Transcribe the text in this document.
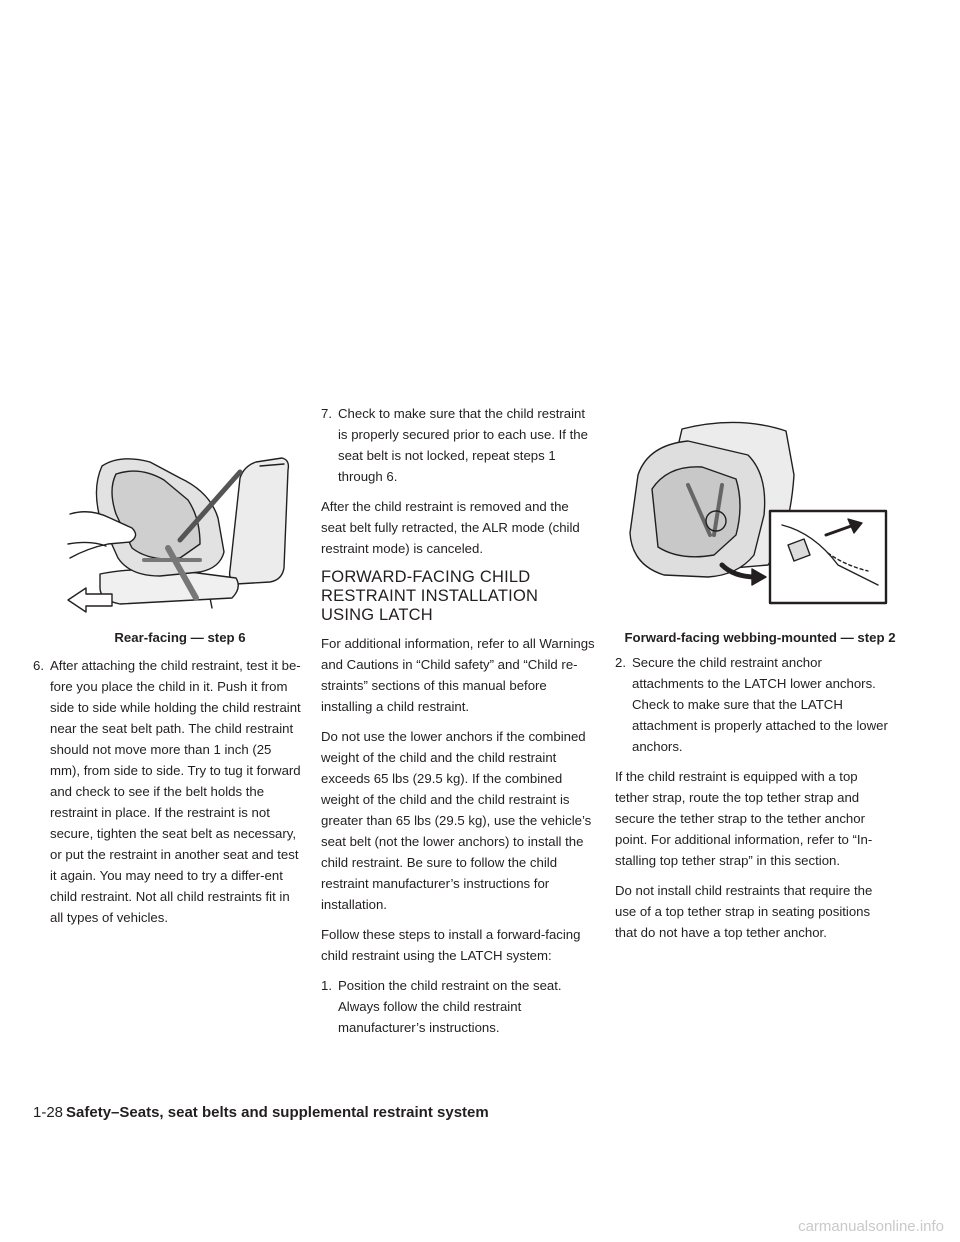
Rear-facing — step 6	Forward-facing webbing-mounted — step 2
6. After attaching the child restraint, test it be-fore you place the child in it. Push it from side to side while holding the child restraint near the seat belt path. The child restraint should not move more than 1 inch (25 mm), from side to side. Try to tug it forward and check to see if the belt holds the restraint in place. If the restraint is not secure, tighten the seat belt as necessary, or put the restraint in another seat and test it again. You may need to try a differ-ent child restraint. Not all child restraints fit in all types of vehicles.
7. Check to make sure that the child restraint is properly secured prior to each use. If the seat belt is not locked, repeat steps 1 through 6.

After the child restraint is removed and the seat belt fully retracted, the ALR mode (child restraint mode) is canceled.

FORWARD-FACING CHILD RESTRAINT INSTALLATION USING LATCH

For additional information, refer to all Warnings and Cautions in “Child safety” and “Child re-straints” sections of this manual before installing a child restraint.

Do not use the lower anchors if the combined weight of the child and the child restraint exceeds 65 lbs (29.5 kg). If the combined weight of the child and the child restraint is greater than 65 lbs (29.5 kg), use the vehicle’s seat belt (not the lower anchors) to install the child restraint. Be sure to follow the child restraint manufacturer’s instructions for installation.

Follow these steps to install a forward-facing child restraint using the LATCH system:

1. Position the child restraint on the seat. Always follow the child restraint manufacturer’s instructions.
2. Secure the child restraint anchor attachments to the LATCH lower anchors. Check to make sure that the LATCH attachment is properly attached to the lower anchors.

If the child restraint is equipped with a top tether strap, route the top tether strap and secure the tether strap to the tether anchor point. For additional information, refer to “In-stalling top tether strap” in this section.

Do not install child restraints that require the use of a top tether strap in seating positions that do not have a top tether anchor.

1-28 Safety–Seats, seat belts and supplemental restraint system
carmanualsonline.info
